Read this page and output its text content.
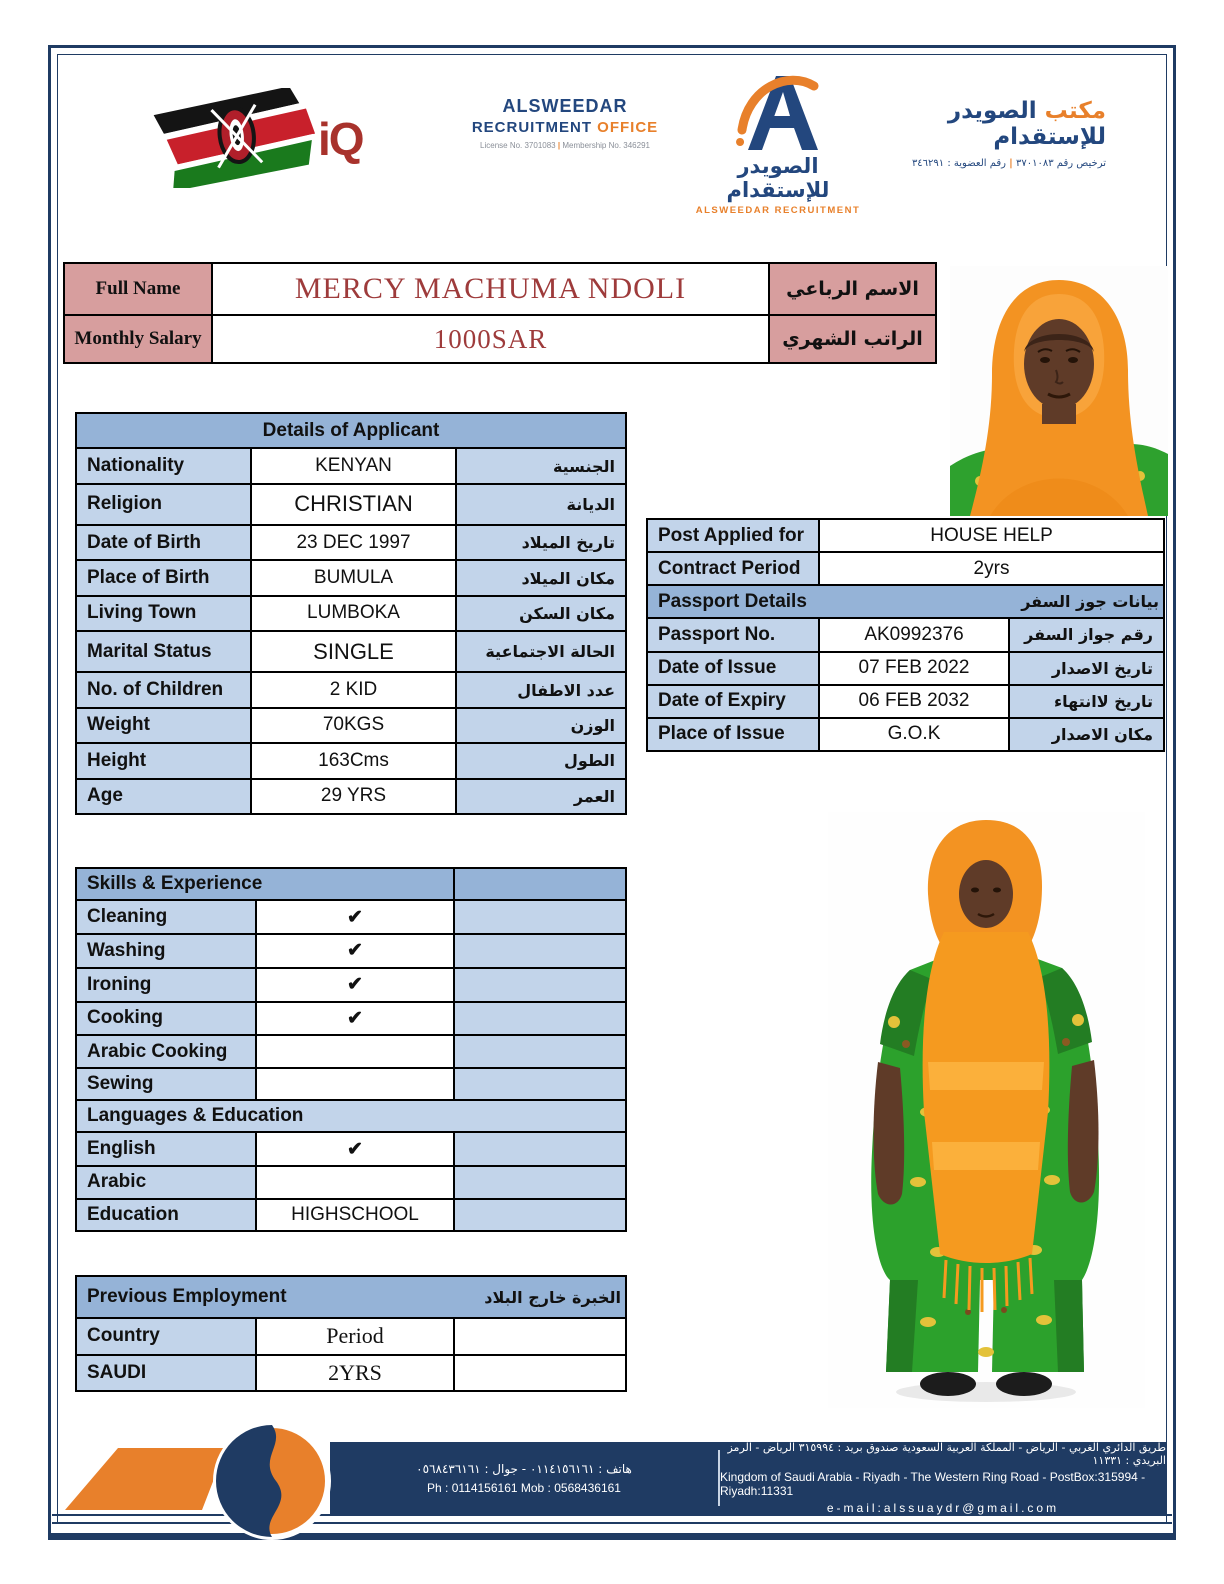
iQ
ALSWEEDAR
RECRUITMENT OFFICE
License No. 3701083 | Membership No. 346291
الصويدر للإستقدام
ALSWEEDAR RECRUITMENT
مكتب الصويدر للإستقدام
ترخيص رقم ٣٧٠١٠٨٣ | رقم العضوية : ٣٤٦٢٩١
Full Name	MERCY MACHUMA NDOLI	الاسم الرباعي
Monthly Salary	1000SAR	الراتب الشهري
Details of Applicant		
Nationality	KENYAN	الجنسية
Religion	CHRISTIAN	الديانة
Date of Birth	23 DEC 1997	تاريخ الميلاد
Place of Birth	BUMULA	مكان الميلاد
Living Town	LUMBOKA	مكان السكن
Marital Status	SINGLE	الحالة الاجتماعية
No. of Children	2 KID	عدد الاطفال
Weight	70KGS	الوزن
Height	163Cms	الطول
Age	29 YRS	العمر
Post Applied for	HOUSE HELP	
Contract Period	2yrs	

Passport Details بيانات جوز السفر		

Passport No.	AK0992376	رقم جواز السفر
Date of Issue	07 FEB 2022	تاريخ الاصدار
Date of Expiry	06 FEB 2032	تاريخ لاانتهاء
Place of Issue	G.O.K	مكان الاصدار
Skills & Experience		
Cleaning	✔	
Washing	✔	
Ironing	✔	
Cooking	✔	
Arabic Cooking		
Sewing		
Languages & Education		
English	✔	
Arabic		
Education	HIGHSCHOOL	
Previous Employment الخبرة خارج البلاد		

Country	Period	
SAUDI	2YRS	
هاتف : ٠١١٤١٥٦١٦١ - جوال : ٠٥٦٨٤٣٦١٦١
Ph : 0114156161 Mob : 0568436161
طريق الدائري الغربي - الرياض - المملكة العربية السعودية صندوق بريد : ٣١٥٩٩٤ الرياض - الرمز البريدي : ١١٣٣١
Kingdom of Saudi Arabia - Riyadh - The Western Ring Road - PostBox:315994 - Riyadh:11331
e-mail:alssuaydr@gmail.com
